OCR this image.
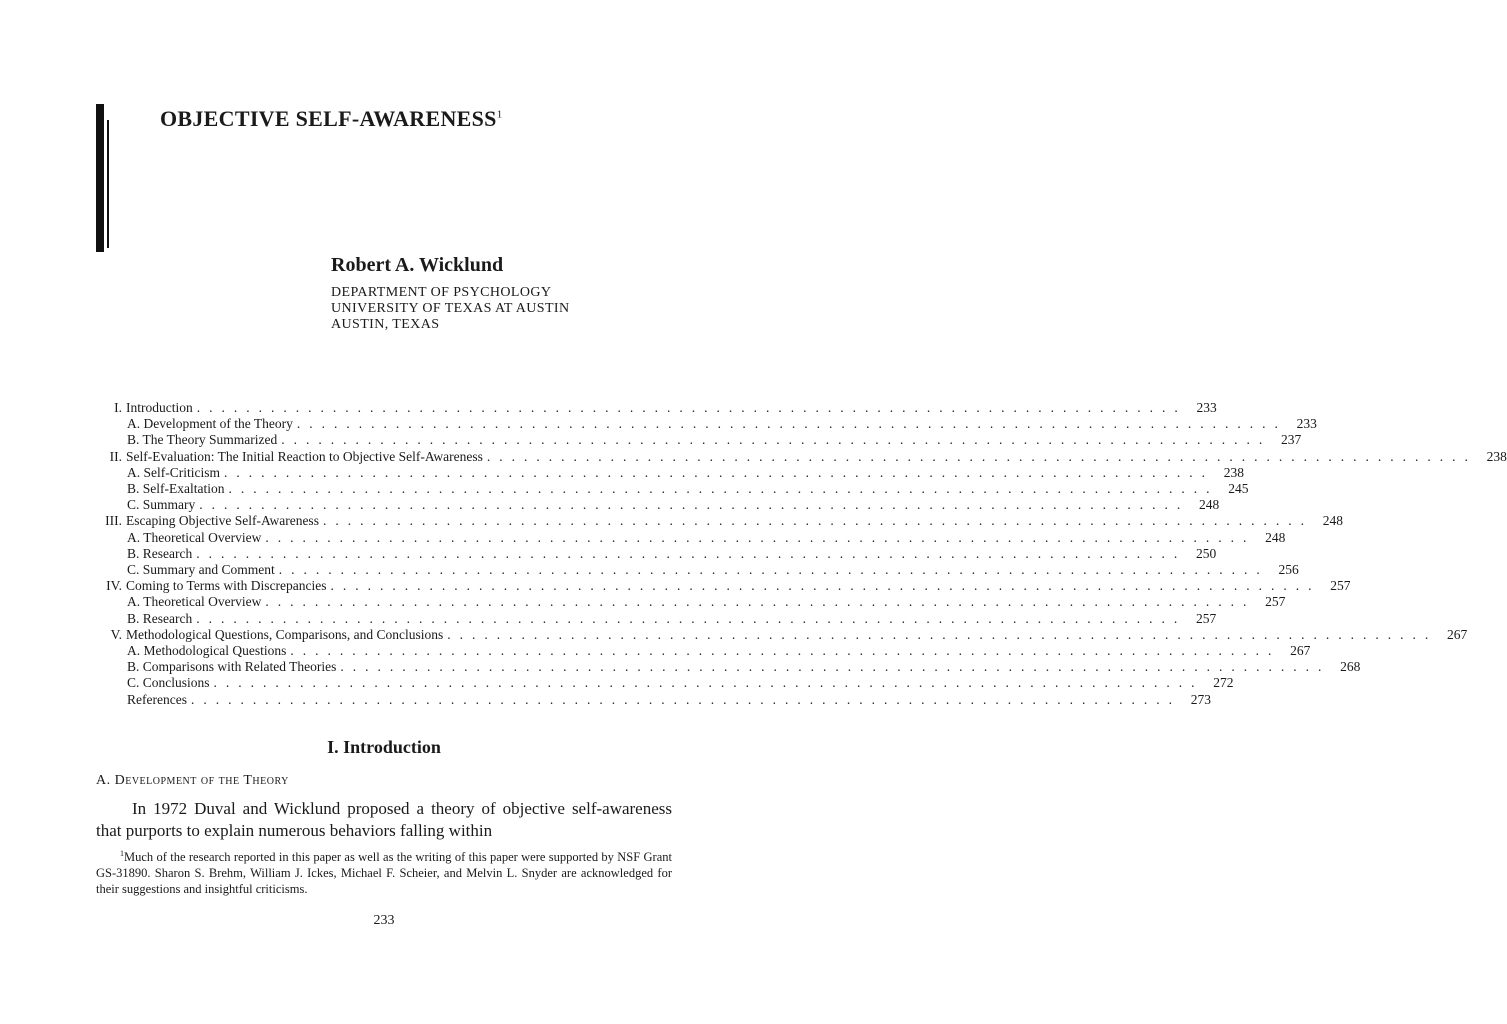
OBJECTIVE SELF-AWARENESS$^1$
Robert A. Wicklund
DEPARTMENT OF PSYCHOLOGY
UNIVERSITY OF TEXAS AT AUSTIN
AUSTIN, TEXAS
I. Introduction ................................................................................ 233
A. Development of the Theory ................................................................................ 233
B. The Theory Summarized ................................................................................ 237
II. Self-Evaluation: The Initial Reaction to Objective Self-Awareness ................................................................................ 238
A. Self-Criticism ................................................................................ 238
B. Self-Exaltation ................................................................................ 245
C. Summary ................................................................................ 248
III. Escaping Objective Self-Awareness ................................................................................ 248
A. Theoretical Overview ................................................................................ 248
B. Research ................................................................................ 250
C. Summary and Comment ................................................................................ 256
IV. Coming to Terms with Discrepancies ................................................................................ 257
A. Theoretical Overview ................................................................................ 257
B. Research ................................................................................ 257
V. Methodological Questions, Comparisons, and Conclusions ................................................................................ 267
A. Methodological Questions ................................................................................ 267
B. Comparisons with Related Theories ................................................................................ 268
C. Conclusions ................................................................................ 272
References ................................................................................ 273
I. Introduction
A. Development of the Theory
In 1972 Duval and Wicklund proposed a theory of objective self-awareness that purports to explain numerous behaviors falling within
$^1$Much of the research reported in this paper as well as the writing of this paper were supported by NSF Grant GS-31890. Sharon S. Brehm, William J. Ickes, Michael F. Scheier, and Melvin L. Snyder are acknowledged for their suggestions and insightful criticisms.
233
